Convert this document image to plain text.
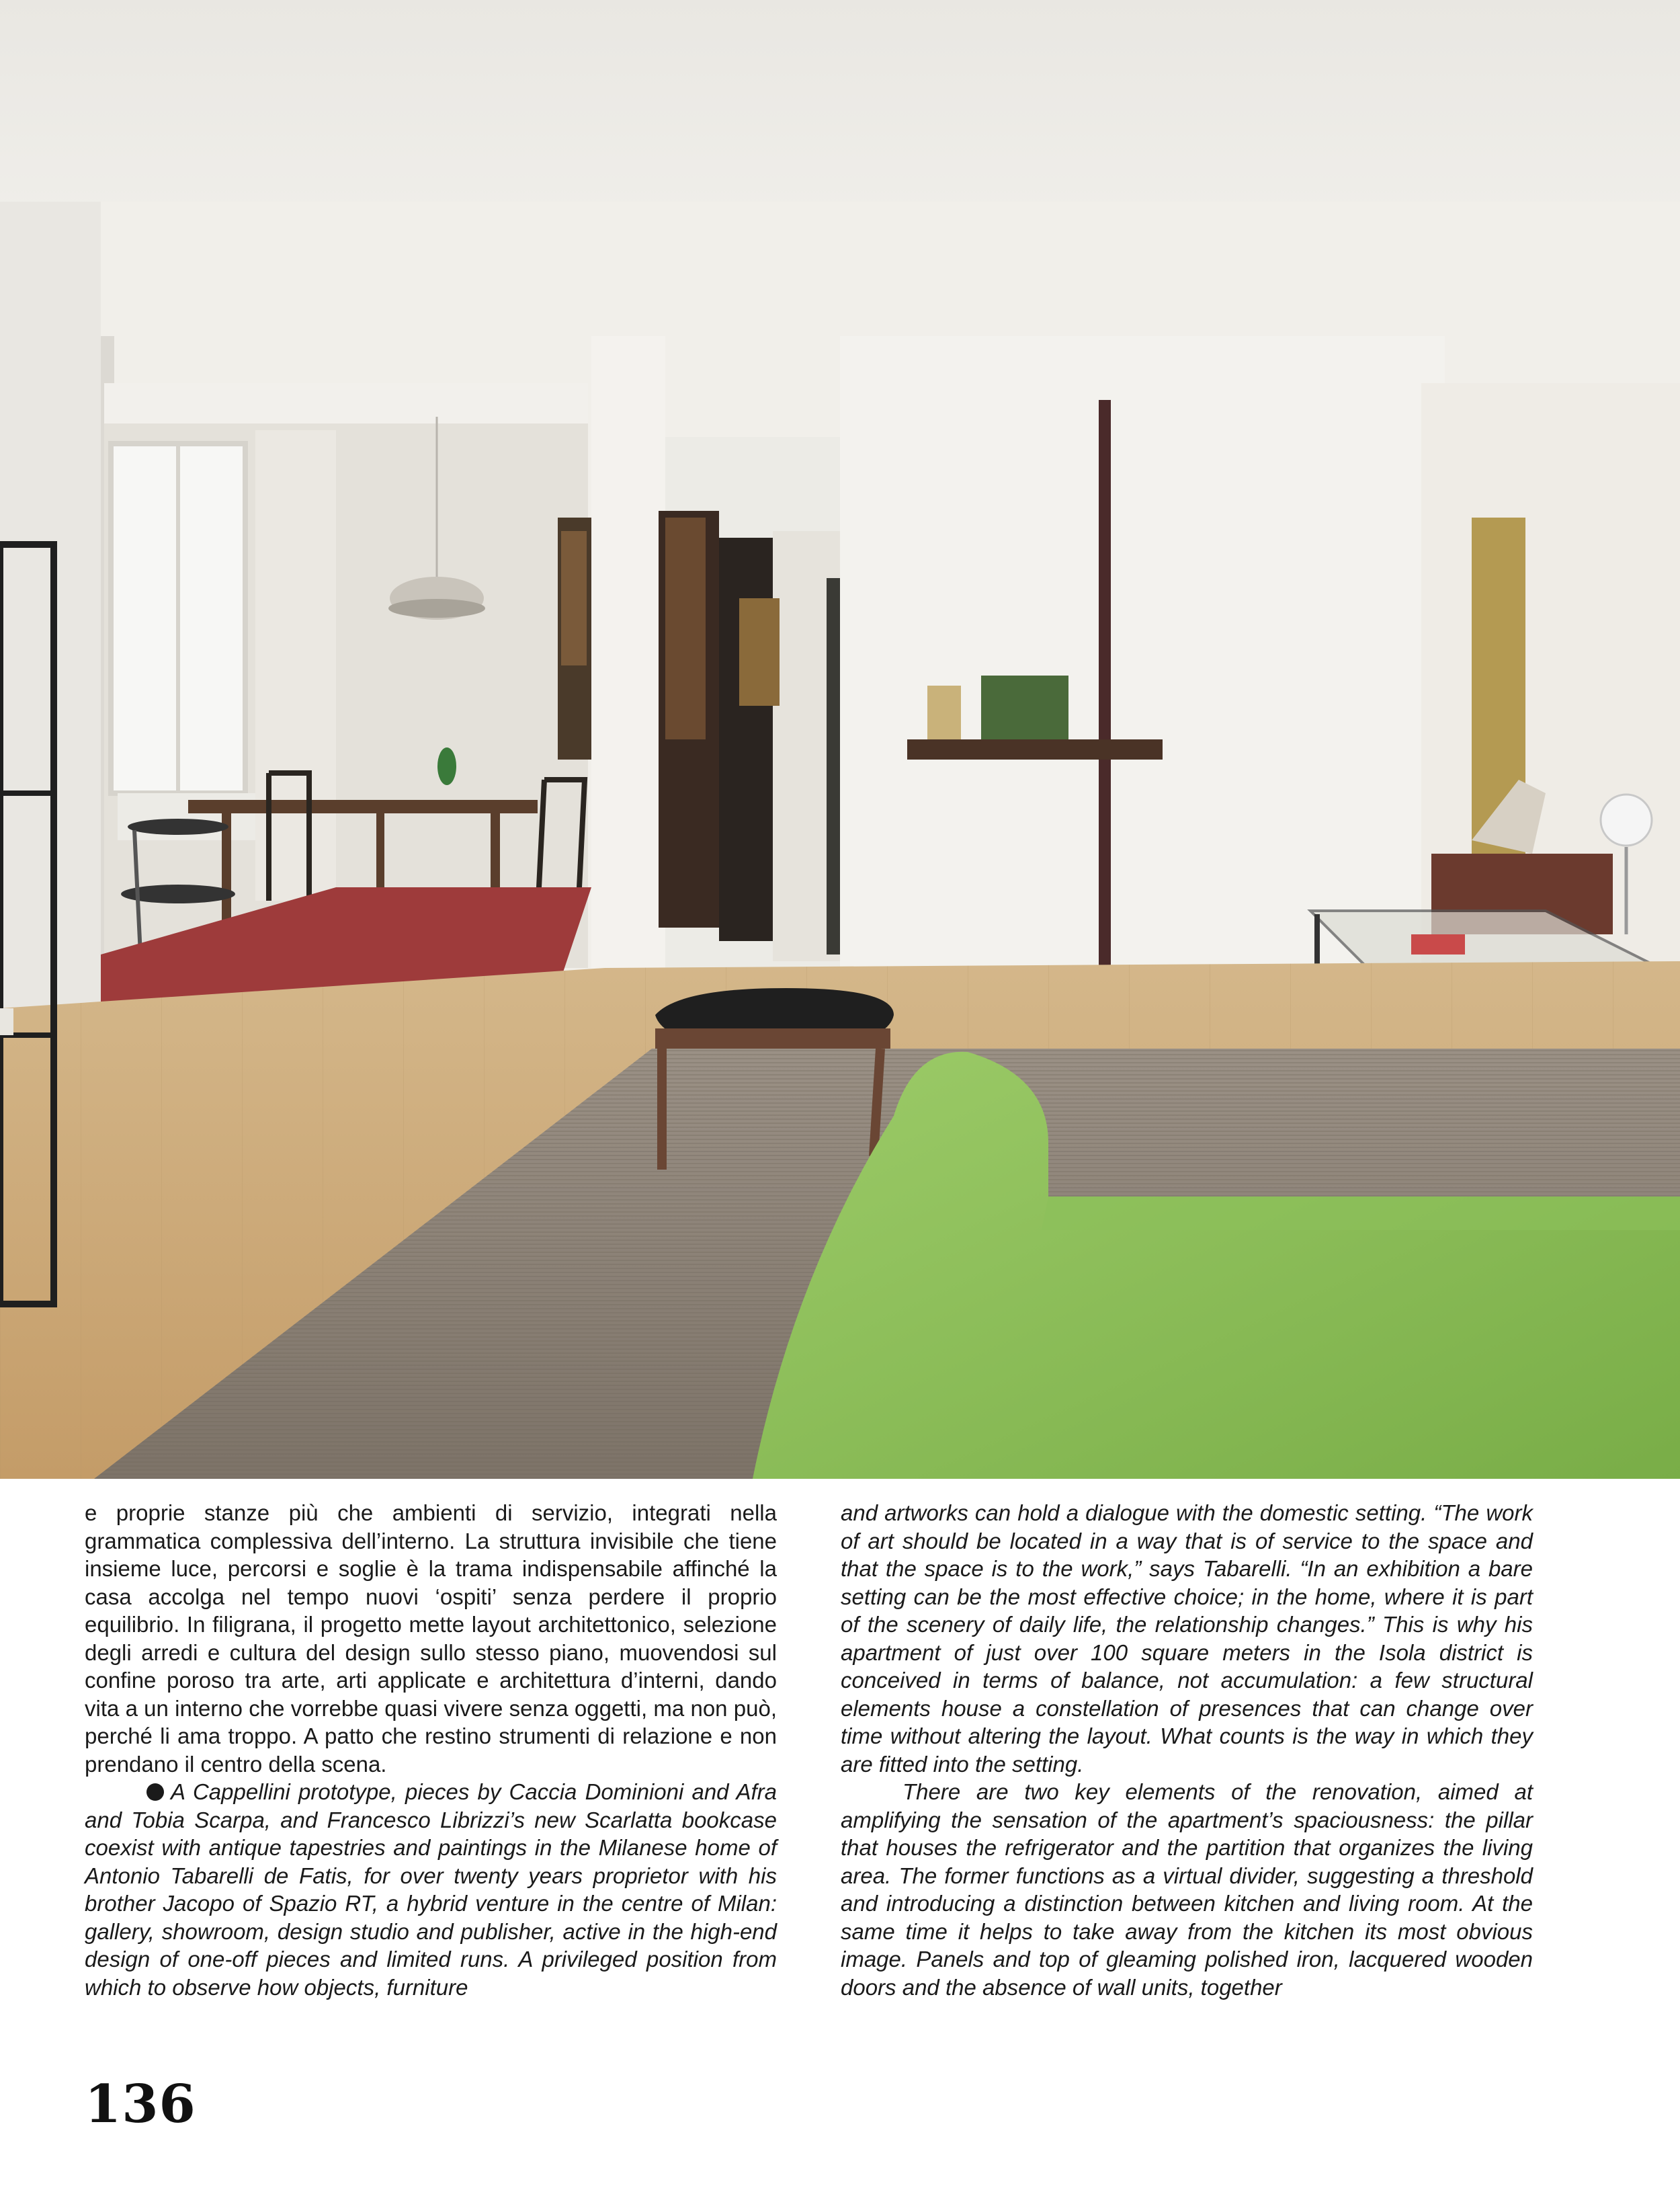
e proprie stanze più che ambienti di servizio, integrati nella grammatica complessiva dell’interno. La struttura invisibile che tiene insieme luce, percorsi e soglie è la trama indispensabile affinché la casa accolga nel tempo nuovi ‘ospiti’ senza perdere il proprio equilibrio. In filigrana, il progetto mette layout architettonico, selezione degli arredi e cultura del design sullo stesso piano, muovendosi sul confine poroso tra arte, arti applicate e architettura d’interni, dando vita a un interno che vorrebbe quasi vivere senza oggetti, ma non può, perché li ama troppo. A patto che restino strumenti di relazione e non prendano il centro della scena.

A Cappellini prototype, pieces by Caccia Dominioni and Afra and Tobia Scarpa, and Francesco Librizzi’s new Scarlatta bookcase coexist with antique tapestries and paintings in the Milanese home of Antonio Tabarelli de Fatis, for over twenty years proprietor with his brother Jacopo of Spazio RT, a hybrid venture in the centre of Milan: gallery, showroom, design studio and publisher, active in the high-end design of one-off pieces and limited runs. A privileged position from which to observe how objects, furniture

and artworks can hold a dialogue with the domestic setting. “The work of art should be located in a way that is of service to the space and that the space is to the work,” says Tabarelli. “In an exhibition a bare setting can be the most effective choice; in the home, where it is part of the scenery of daily life, the relationship changes.” This is why his apartment of just over 100 square meters in the Isola district is conceived in terms of balance, not accumulation: a few structural elements house a constellation of presences that can change over time without altering the layout. What counts is the way in which they are fitted into the setting.

There are two key elements of the renovation, aimed at amplifying the sensation of the apartment’s spaciousness: the pillar that houses the refrigerator and the partition that organizes the living area. The former functions as a virtual divider, suggesting a threshold and introducing a distinction between kitchen and living room. At the same time it helps to take away from the kitchen its most obvious image. Panels and top of gleaming polished iron, lacquered wooden doors and the absence of wall units, together

136
